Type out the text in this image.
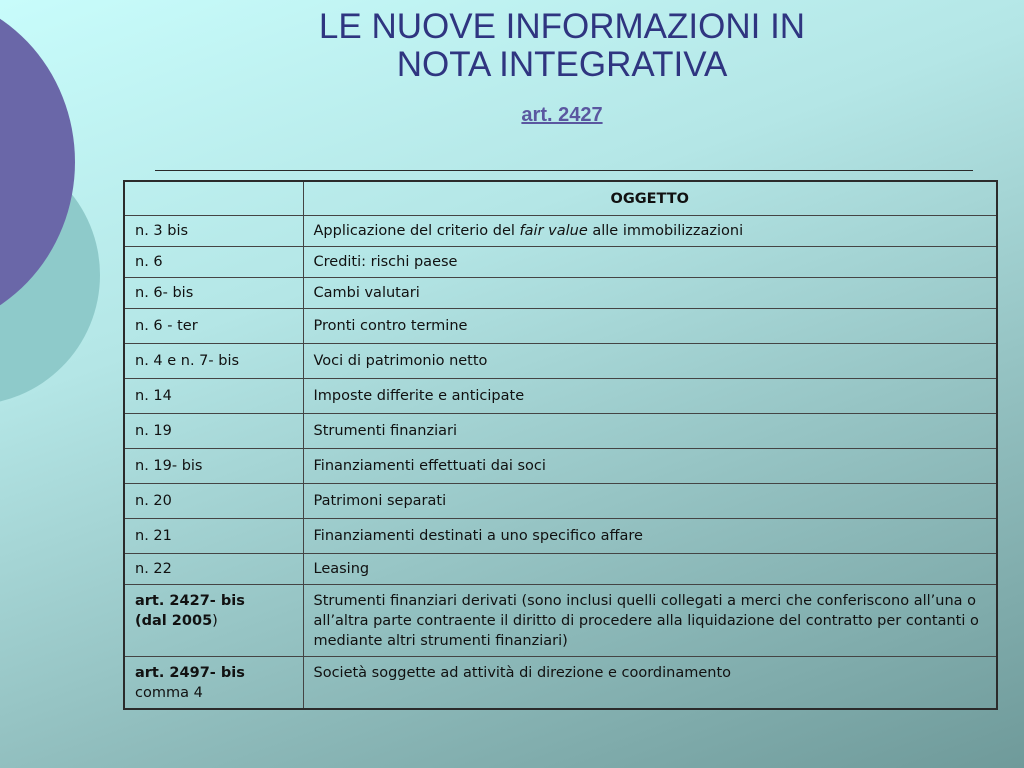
LE NUOVE INFORMAZIONI IN
NOTA INTEGRATIVA
art. 2427
	OGGETTO
n. 3 bis	Applicazione del criterio del fair value alle immobilizzazioni
n. 6	Crediti: rischi paese
n. 6- bis	Cambi valutari
n. 6 - ter	Pronti contro termine
n. 4 e n. 7- bis	Voci di patrimonio netto
n. 14	Imposte differite e anticipate
n. 19	Strumenti finanziari
n. 19- bis	Finanziamenti effettuati dai soci
n. 20	Patrimoni separati
n. 21	Finanziamenti destinati a uno specifico affare
n. 22	Leasing
art. 2427- bis
(dal 2005)	Strumenti finanziari derivati (sono inclusi quelli collegati a merci che conferiscono all’una o all’altra parte contraente il diritto di procedere alla liquidazione del contratto per contanti o mediante altri strumenti finanziari)
art. 2497- bis
comma 4	Società soggette ad attività di direzione e coordinamento
